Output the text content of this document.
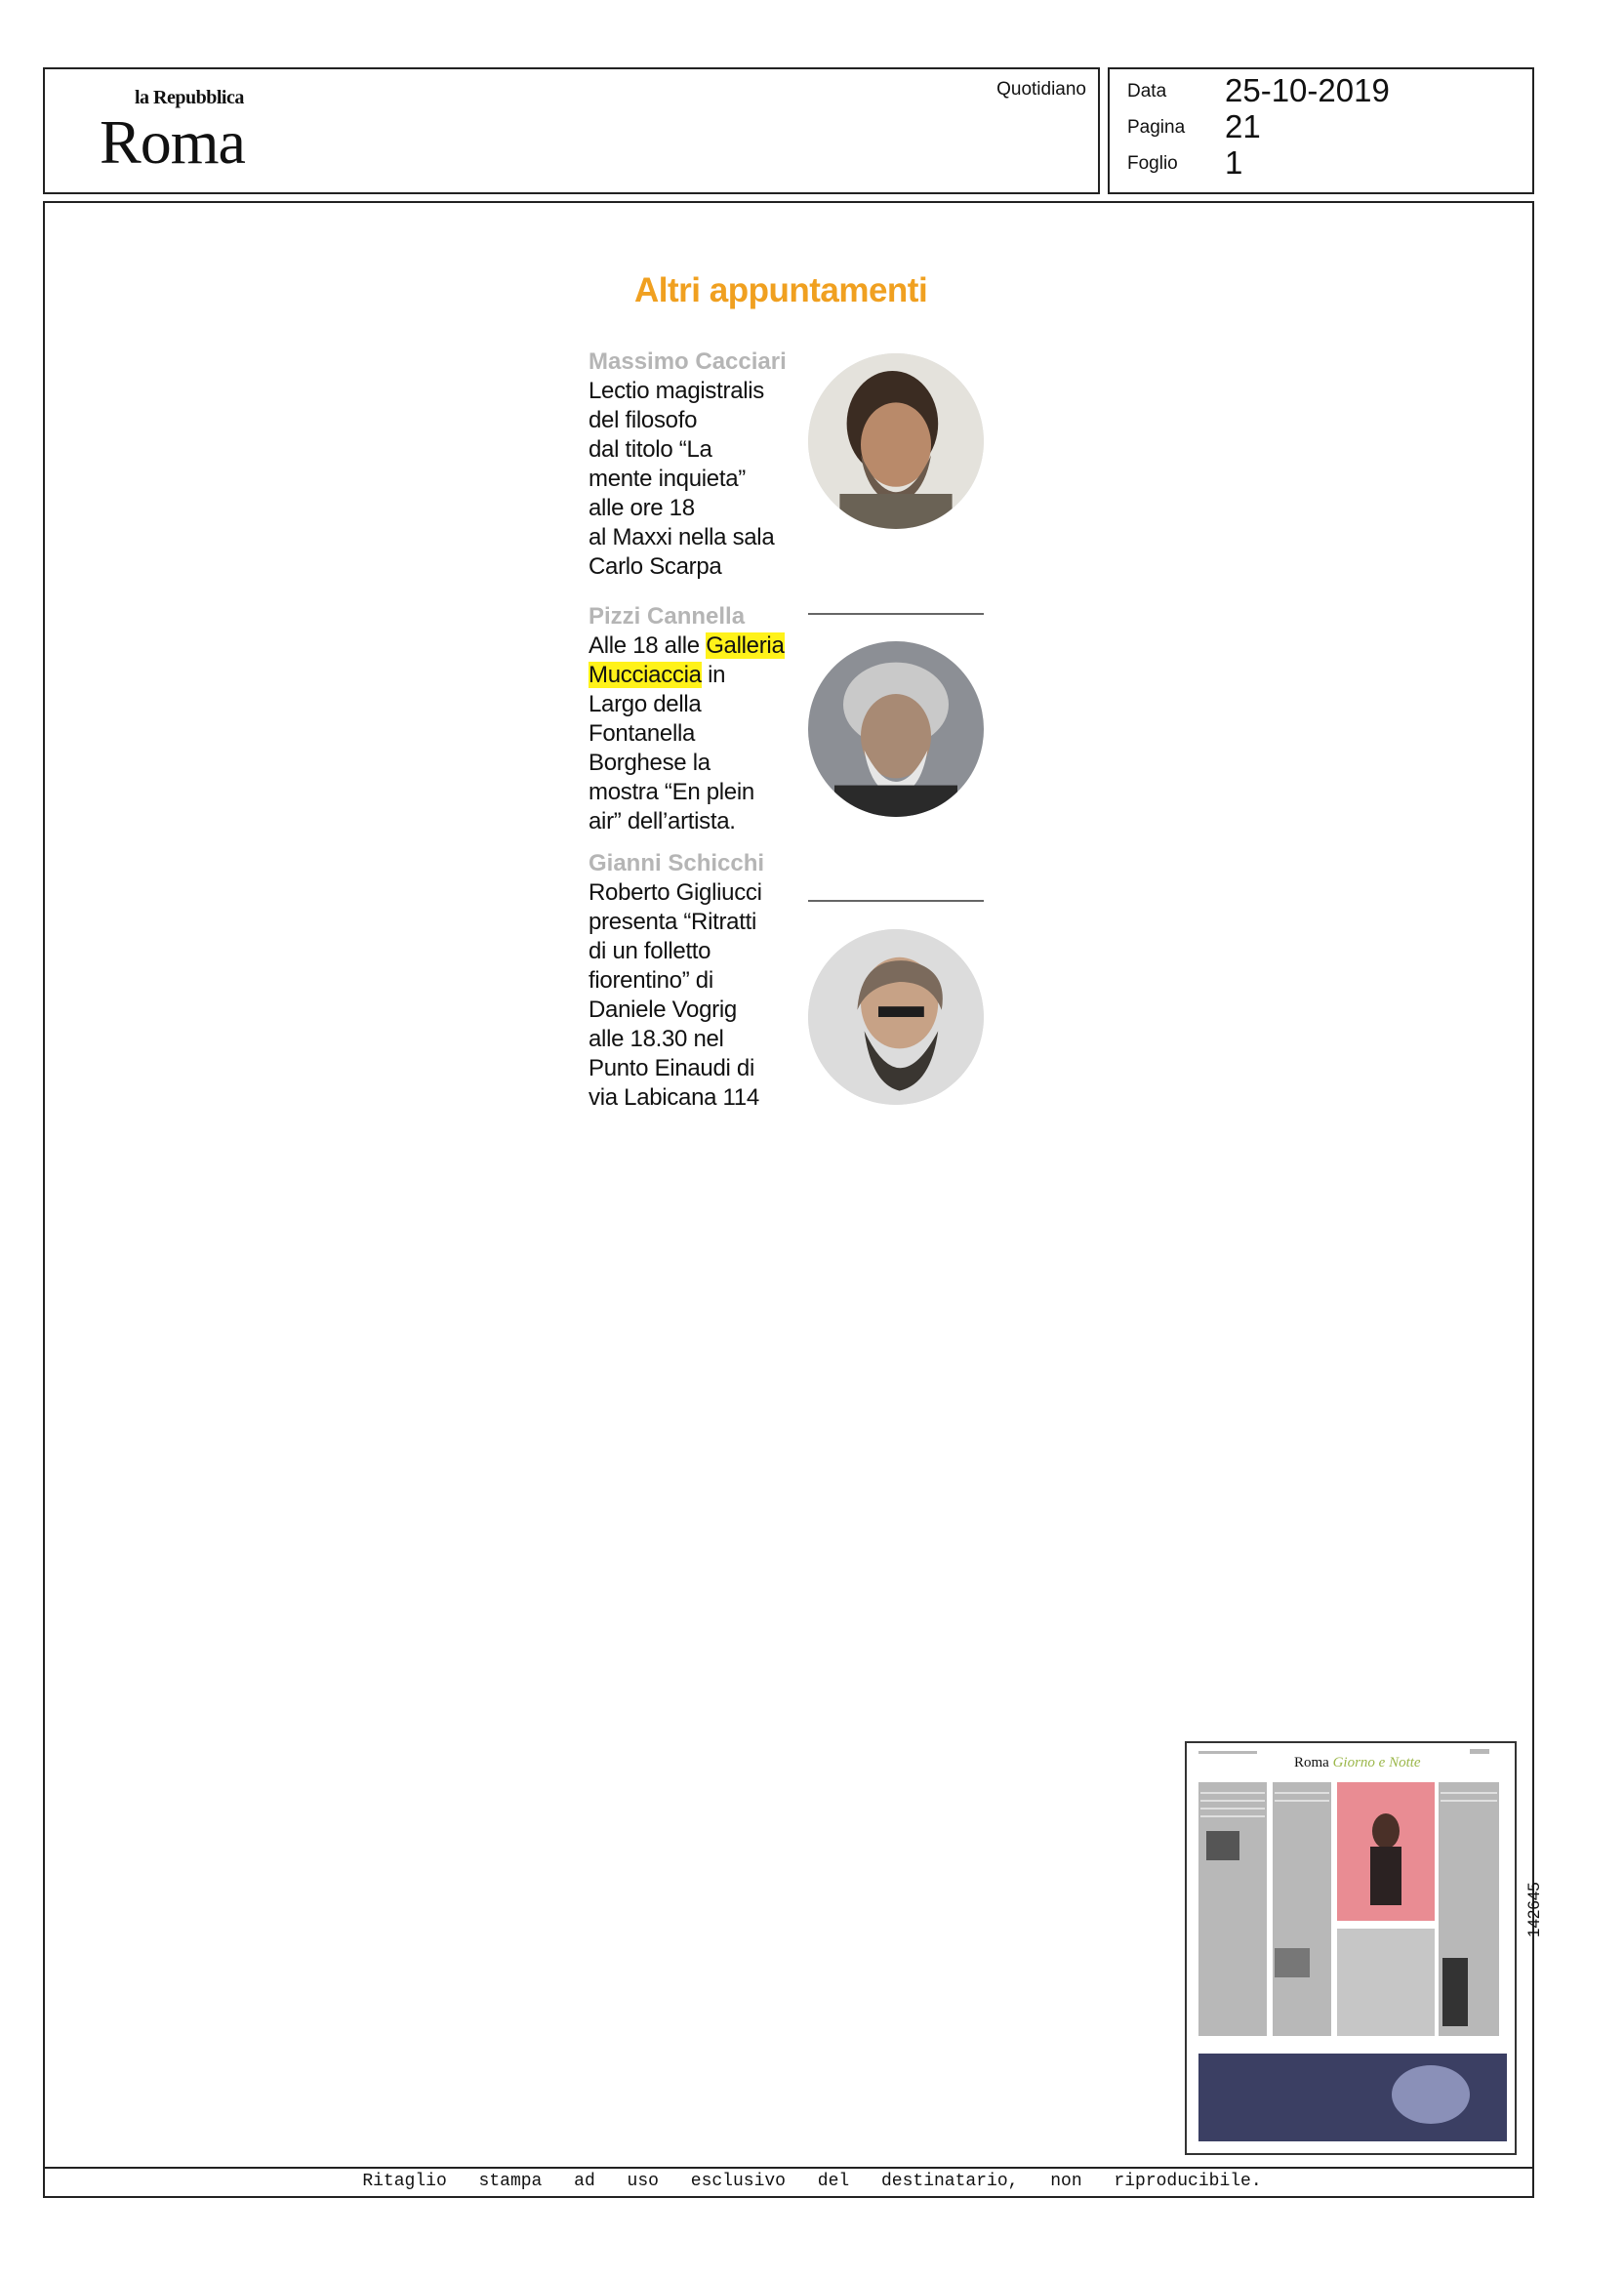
la Repubblica
Roma
Quotidiano Data 25-10-2019
Pagina 21
Foglio 1
Altri appuntamenti
Massimo Cacciari
Lectio magistralis
del filosofo
dal titolo “La
mente inquieta”
alle ore 18
al Maxxi nella sala
Carlo Scarpa
Pizzi Cannella
Alle 18 alle Galleria
Mucciaccia in
Largo della
Fontanella
Borghese la
mostra “En plein
air” dell’artista.
Gianni Schicchi
Roberto Gigliucci
presenta “Ritratti
di un folletto
fiorentino” di
Daniele Vogrig
alle 18.30 nel
Punto Einaudi di
via Labicana 114
Roma Giorno e Notte
142645
Ritaglio stampa ad uso esclusivo del destinatario, non riproducibile.
